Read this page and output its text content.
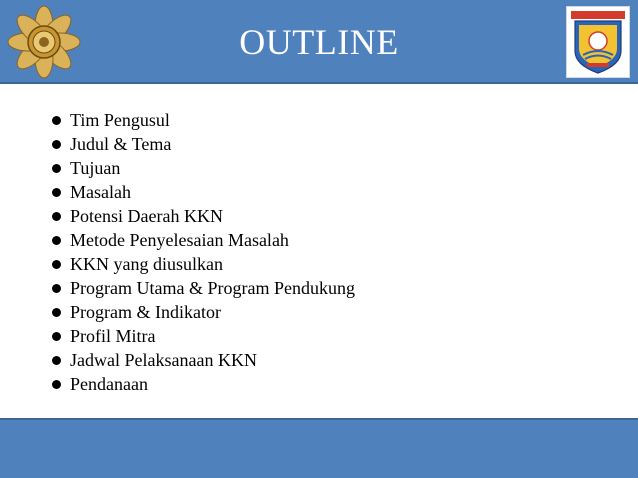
OUTLINE
Tim Pengusul
Judul & Tema
Tujuan
Masalah
Potensi Daerah KKN
Metode Penyelesaian Masalah
KKN yang diusulkan
Program Utama & Program Pendukung
Program & Indikator
Profil Mitra
Jadwal Pelaksanaan KKN
Pendanaan
